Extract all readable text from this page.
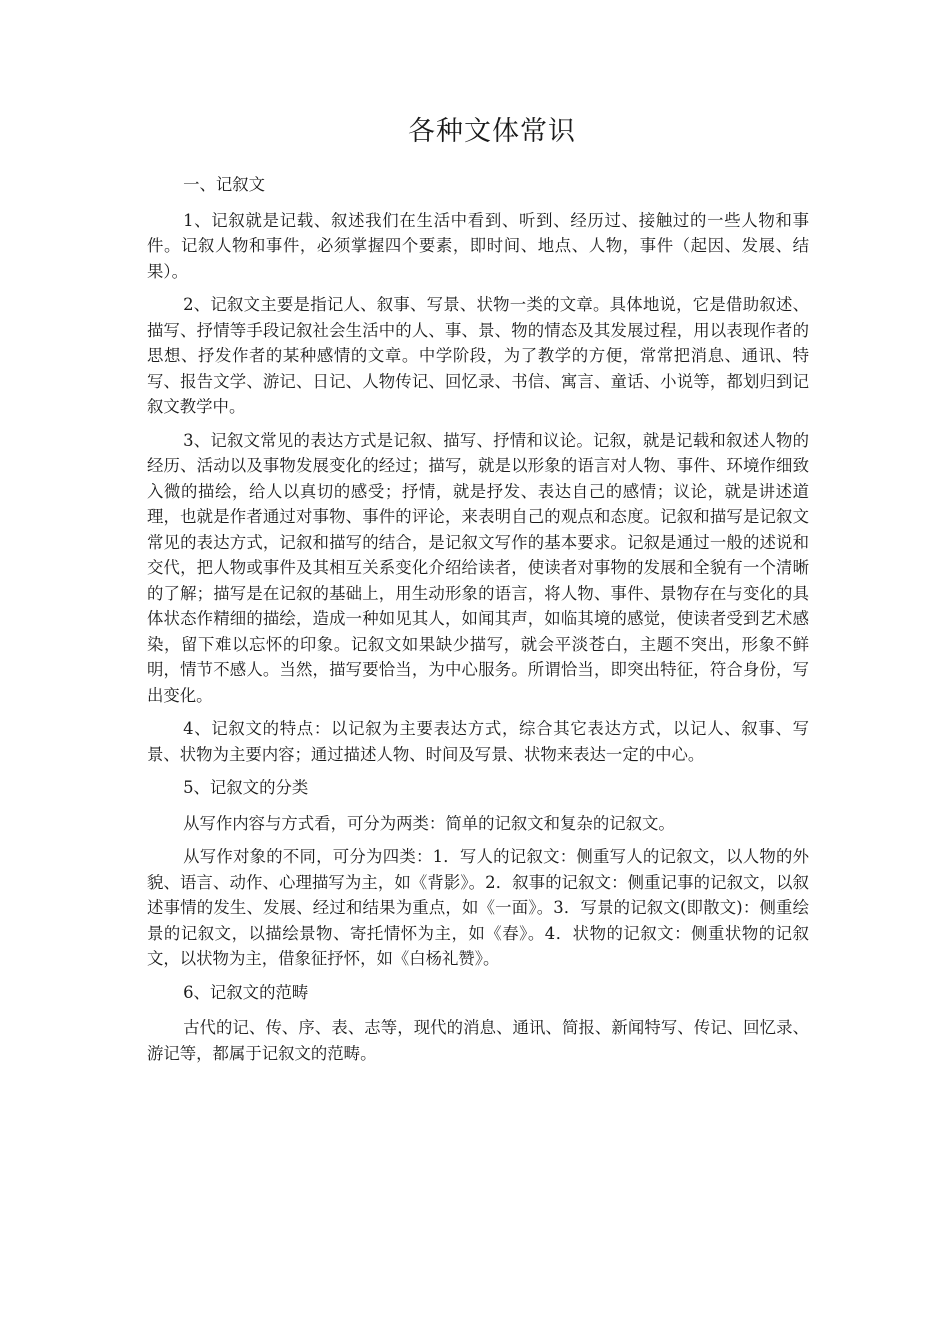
各种文体常识

一、记叙文

1、记叙就是记载、叙述我们在生活中看到、听到、经历过、接触过的一些人物和事件。记叙人物和事件，必须掌握四个要素，即时间、地点、人物，事件（起因、发展、结果）。

2、记叙文主要是指记人、叙事、写景、状物一类的文章。具体地说，它是借助叙述、描写、抒情等手段记叙社会生活中的人、事、景、物的情态及其发展过程，用以表现作者的思想、抒发作者的某种感情的文章。中学阶段，为了教学的方便，常常把消息、通讯、特写、报告文学、游记、日记、人物传记、回忆录、书信、寓言、童话、小说等，都划归到记叙文教学中。

3、记叙文常见的表达方式是记叙、描写、抒情和议论。记叙，就是记载和叙述人物的经历、活动以及事物发展变化的经过；描写，就是以形象的语言对人物、事件、环境作细致入微的描绘，给人以真切的感受；抒情，就是抒发、表达自己的感情；议论，就是讲述道理，也就是作者通过对事物、事件的评论，来表明自己的观点和态度。记叙和描写是记叙文常见的表达方式，记叙和描写的结合，是记叙文写作的基本要求。记叙是通过一般的述说和交代，把人物或事件及其相互关系变化介绍给读者，使读者对事物的发展和全貌有一个清晰的了解；描写是在记叙的基础上，用生动形象的语言，将人物、事件、景物存在与变化的具体状态作精细的描绘，造成一种如见其人，如闻其声，如临其境的感觉，使读者受到艺术感染，留下难以忘怀的印象。记叙文如果缺少描写，就会平淡苍白，主题不突出，形象不鲜明，情节不感人。当然，描写要恰当，为中心服务。所谓恰当，即突出特征，符合身份，写出变化。

4、记叙文的特点：以记叙为主要表达方式，综合其它表达方式，以记人、叙事、写景、状物为主要内容；通过描述人物、时间及写景、状物来表达一定的中心。

5、记叙文的分类

从写作内容与方式看，可分为两类：简单的记叙文和复杂的记叙文。

从写作对象的不同，可分为四类：1．写人的记叙文：侧重写人的记叙文，以人物的外貌、语言、动作、心理描写为主，如《背影》。2．叙事的记叙文：侧重记事的记叙文，以叙述事情的发生、发展、经过和结果为重点，如《一面》。3．写景的记叙文(即散文)：侧重绘景的记叙文，以描绘景物、寄托情怀为主，如《春》。4．状物的记叙文：侧重状物的记叙文，以状物为主，借象征抒怀，如《白杨礼赞》。

6、记叙文的范畴

古代的记、传、序、表、志等，现代的消息、通讯、简报、新闻特写、传记、回忆录、游记等，都属于记叙文的范畴。
